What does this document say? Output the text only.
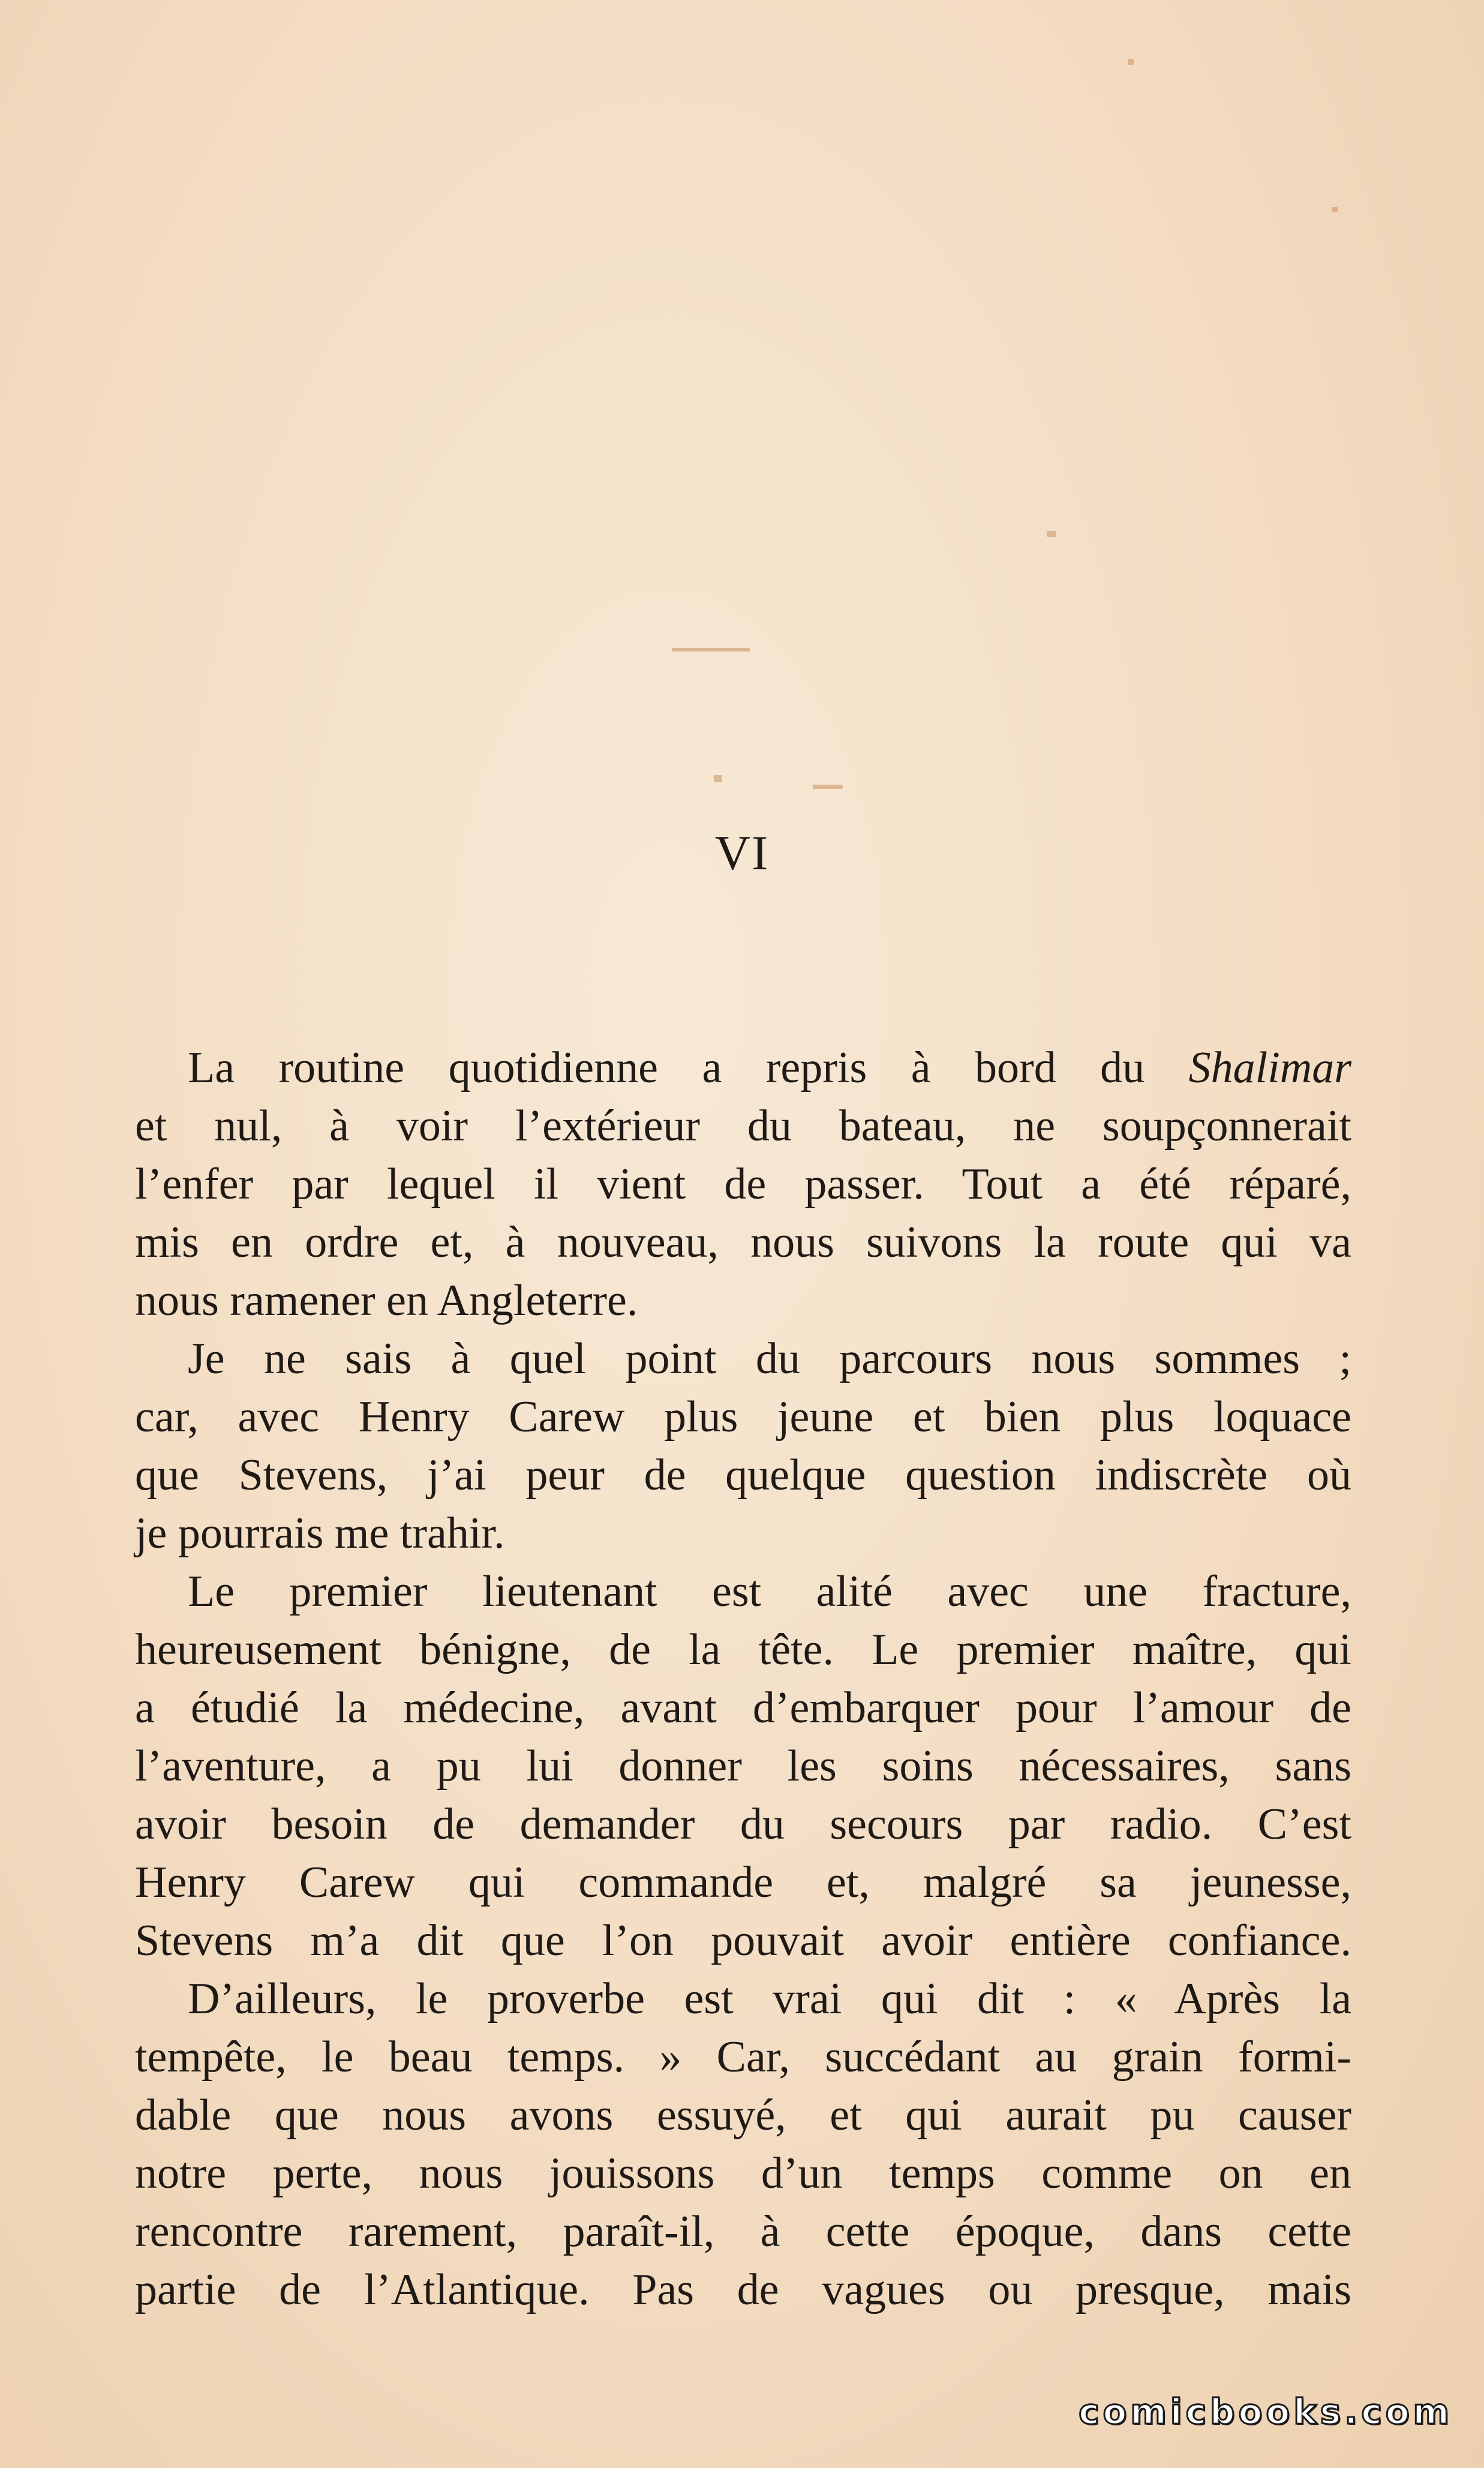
VI
La routine quotidienne a repris à bord du Shalimar
et nul, à voir l’extérieur du bateau, ne soupçonnerait
l’enfer par lequel il vient de passer. Tout a été réparé,
mis en ordre et, à nouveau, nous suivons la route qui va
nous ramener en Angleterre.
Je ne sais à quel point du parcours nous sommes ;
car, avec Henry Carew plus jeune et bien plus loquace
que Stevens, j’ai peur de quelque question indiscrète où
je pourrais me trahir.
Le premier lieutenant est alité avec une fracture,
heureusement bénigne, de la tête. Le premier maître, qui
a étudié la médecine, avant d’embarquer pour l’amour de
l’aventure, a pu lui donner les soins nécessaires, sans
avoir besoin de demander du secours par radio. C’est
Henry Carew qui commande et, malgré sa jeunesse,
Stevens m’a dit que l’on pouvait avoir entière confiance.
D’ailleurs, le proverbe est vrai qui dit : « Après la
tempête, le beau temps. » Car, succédant au grain formi-
dable que nous avons essuyé, et qui aurait pu causer
notre perte, nous jouissons d’un temps comme on en
rencontre rarement, paraît-il, à cette époque, dans cette
partie de l’Atlantique. Pas de vagues ou presque, mais
comicbooks.com
